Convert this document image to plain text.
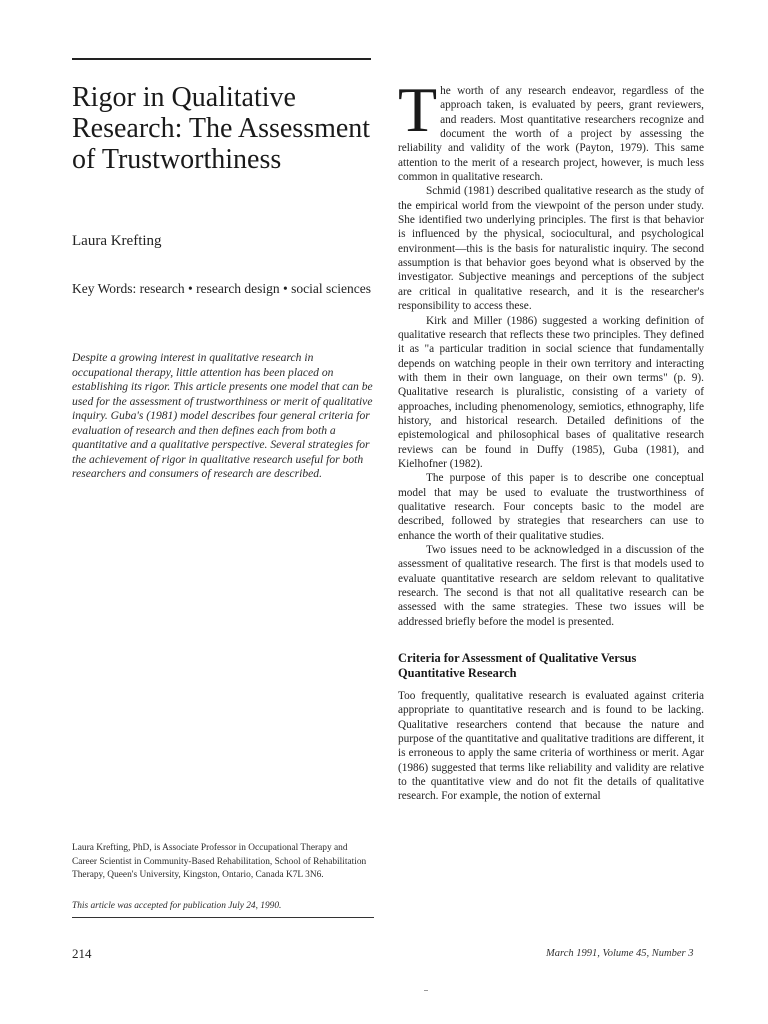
Rigor in Qualitative Research: The Assessment of Trustworthiness

Laura Krefting

Key Words: research • research design • social sciences

Despite a growing interest in qualitative research in occupational therapy, little attention has been placed on establishing its rigor. This article presents one model that can be used for the assessment of trustworthiness or merit of qualitative inquiry. Guba's (1981) model describes four general criteria for evaluation of research and then defines each from both a quantitative and a qualitative perspective. Several strategies for the achievement of rigor in qualitative research useful for both researchers and consumers of research are described.

Laura Krefting, PhD, is Associate Professor in Occupational Therapy and Career Scientist in Community-Based Rehabilitation, School of Rehabilitation Therapy, Queen's University, Kingston, Ontario, Canada K7L 3N6.

This article was accepted for publication July 24, 1990.

The worth of any research endeavor, regardless of the approach taken, is evaluated by peers, grant reviewers, and readers. Most quantitative researchers recognize and document the worth of a project by assessing the reliability and validity of the work (Payton, 1979). This same attention to the merit of a research project, however, is much less common in qualitative research.

Schmid (1981) described qualitative research as the study of the empirical world from the viewpoint of the person under study. She identified two underlying principles. The first is that behavior is influenced by the physical, sociocultural, and psychological environment—this is the basis for naturalistic inquiry. The second assumption is that behavior goes beyond what is observed by the investigator. Subjective meanings and perceptions of the subject are critical in qualitative research, and it is the researcher's responsibility to access these.

Kirk and Miller (1986) suggested a working definition of qualitative research that reflects these two principles. They defined it as "a particular tradition in social science that fundamentally depends on watching people in their own territory and interacting with them in their own language, on their own terms" (p. 9). Qualitative research is pluralistic, consisting of a variety of approaches, including phenomenology, semiotics, ethnography, life history, and historical research. Detailed definitions of the epistemological and philosophical bases of qualitative research reviews can be found in Duffy (1985), Guba (1981), and Kielhofner (1982).

The purpose of this paper is to describe one conceptual model that may be used to evaluate the trustworthiness of qualitative research. Four concepts basic to the model are described, followed by strategies that researchers can use to enhance the worth of their qualitative studies.

Two issues need to be acknowledged in a discussion of the assessment of qualitative research. The first is that models used to evaluate quantitative research are seldom relevant to qualitative research. The second is that not all qualitative research can be assessed with the same strategies. These two issues will be addressed briefly before the model is presented.

Criteria for Assessment of Qualitative Versus Quantitative Research

Too frequently, qualitative research is evaluated against criteria appropriate to quantitative research and is found to be lacking. Qualitative researchers contend that because the nature and purpose of the quantitative and qualitative traditions are different, it is erroneous to apply the same criteria of worthiness or merit. Agar (1986) suggested that terms like reliability and validity are relative to the quantitative view and do not fit the details of qualitative research. For example, the notion of external

214	March 1991, Volume 45, Number 3
